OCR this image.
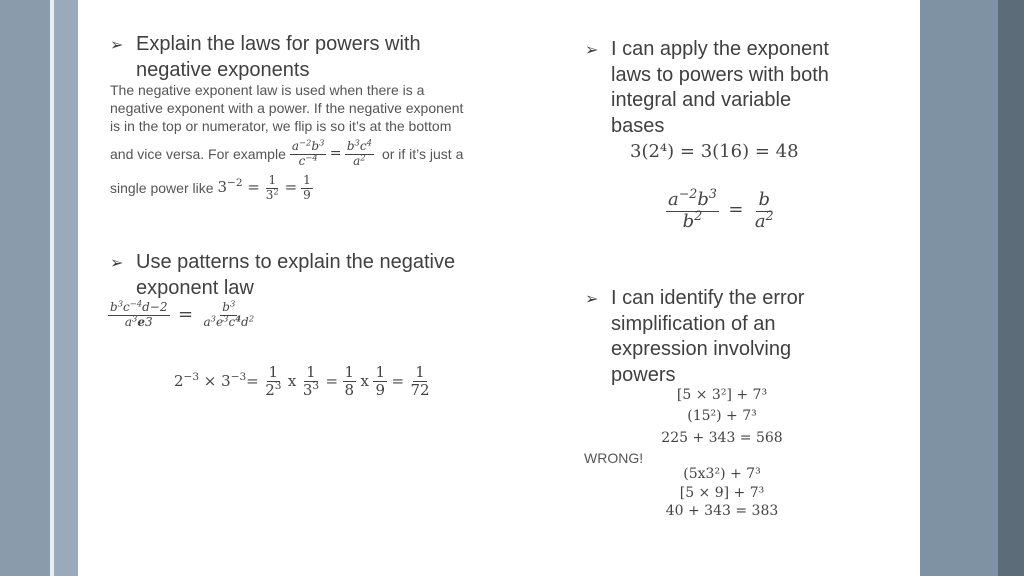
➢ Explain the laws for powers with
negative exponents
The negative exponent law is used when there is a
negative exponent with a power. If the negative exponent
is in the top or numerator, we flip is so it’s at the bottom
and vice versa. For example $\frac{a^{-2}b^3}{c^{-4}} = \frac{b^3c^4}{a^2}$ or if it’s just a
single power like $3^{-2} = \frac{1}{3^2} = \frac{1}{9}$
➢ Use patterns to explain the negative
exponent law
$\frac{b^3c^{-4}d-2}{a^3e3} = \frac{b^3}{a^3e^3c^4d^2}$
$2^{-3} \times 3^{-3}= \frac{1}{2^3}$ x $\frac{1}{3^3} = \frac{1}{8}$ x $\frac{1}{9} = \frac{1}{72}$
➢ I can apply the exponent
laws to powers with both
integral and variable
bases
3(2⁴) = 3(16) = 48
$\frac{a^{-2}b^3}{b^2} = \frac{b}{a^2}$
➢ I can identify the error
simplification of an
expression involving
powers
[5 × 3²] + 7³
(15²) + 7³
225 + 343 = 568
WRONG!
(5x3²) + 7³
[5 × 9] + 7³
40 + 343 = 383
